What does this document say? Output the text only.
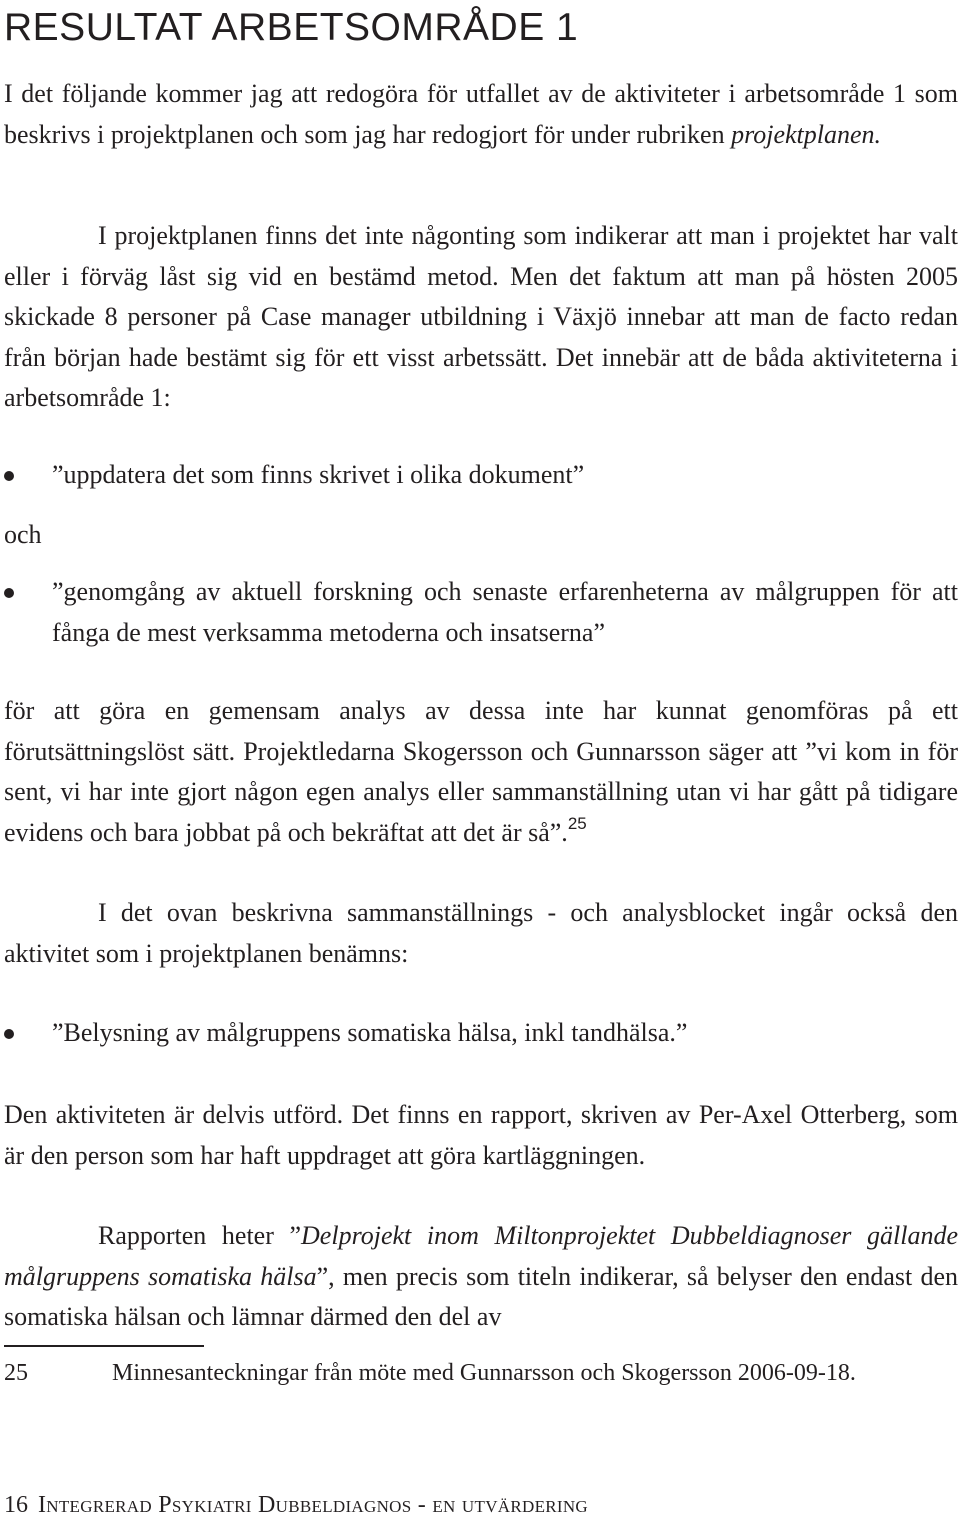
RESULTAT ARBETSOMRÅDE 1

I det följande kommer jag att redogöra för utfallet av de aktiviteter i arbetsområde 1 som beskrivs i projektplanen och som jag har redogjort för under rubriken projektplanen.

I projektplanen finns det inte någonting som indikerar att man i projektet har valt eller i förväg låst sig vid en bestämd metod. Men det faktum att man på hösten 2005 skickade 8 personer på Case manager utbildning i Växjö innebar att man de facto redan från början hade bestämt sig för ett visst arbetssätt. Det innebär att de båda aktiviteterna i arbetsområde 1:

”uppdatera det som finns skrivet i olika dokument”

och

”genomgång av aktuell forskning och senaste erfarenheterna av målgruppen för att fånga de mest verksamma metoderna och insatserna”

för att göra en gemensam analys av dessa inte har kunnat genomföras på ett förutsättningslöst sätt. Projektledarna Skogersson och Gunnarsson säger att ”vi kom in för sent, vi har inte gjort någon egen analys eller sammanställning utan vi har gått på tidigare evidens och bara jobbat på och bekräftat att det är så”.$^{25}$

I det ovan beskrivna sammanställnings - och analysblocket ingår också den aktivitet som i projektplanen benämns:

”Belysning av målgruppens somatiska hälsa, inkl tandhälsa.”

Den aktiviteten är delvis utförd. Det finns en rapport, skriven av Per-Axel Otterberg, som är den person som har haft uppdraget att göra kartläggningen.

Rapporten heter ”Delprojekt inom Miltonprojektet Dubbeldiagnoser gällande målgruppens somatiska hälsa”, men precis som titeln indikerar, så belyser den endast den somatiska hälsan och lämnar därmed den del av

25	Minnesanteckningar från möte med Gunnarsson och Skogersson 2006-09-18.

16 Integrerad Psykiatri Dubbeldiagnos - en utvärdering
